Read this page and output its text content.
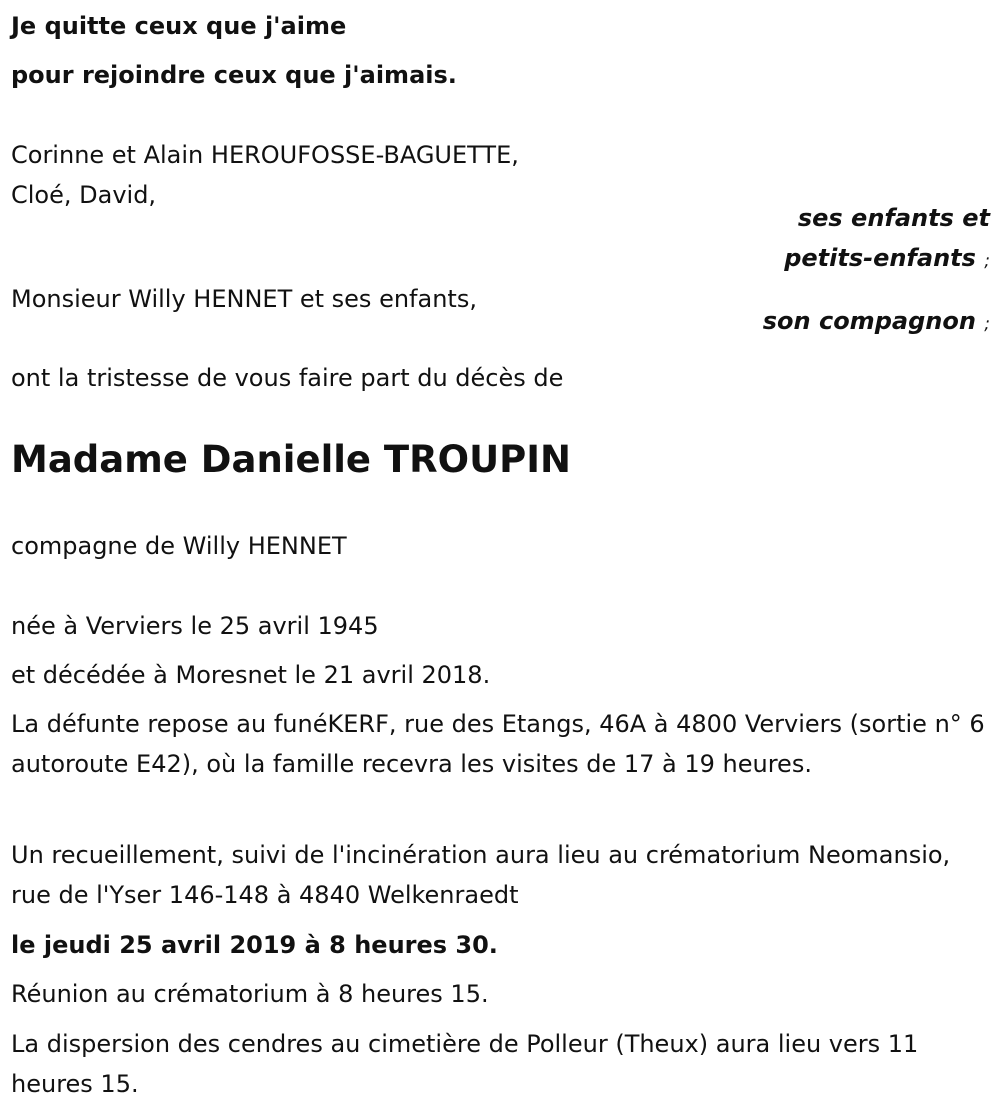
Je quitte ceux que j'aime
pour rejoindre ceux que j'aimais.
Corinne et Alain HEROUFOSSE-BAGUETTE,
Cloé, David,
ses enfants et
petits-enfants ;
Monsieur Willy HENNET et ses enfants,
son compagnon ;
ont la tristesse de vous faire part du décès de
Madame Danielle TROUPIN
compagne de Willy HENNET
née à Verviers le 25 avril 1945
et décédée à Moresnet le 21 avril 2018.
La défunte repose au funéKERF, rue des Etangs, 46A à 4800 Verviers (sortie n° 6 autoroute E42), où la famille recevra les visites de 17 à 19 heures.
Un recueillement, suivi de l'incinération aura lieu au crématorium Neomansio, rue de l'Yser 146-148 à 4840 Welkenraedt
le jeudi 25 avril 2019 à 8 heures 30.
Réunion au crématorium à 8 heures 15.
La dispersion des cendres au cimetière de Polleur (Theux) aura lieu vers 11 heures 15.
